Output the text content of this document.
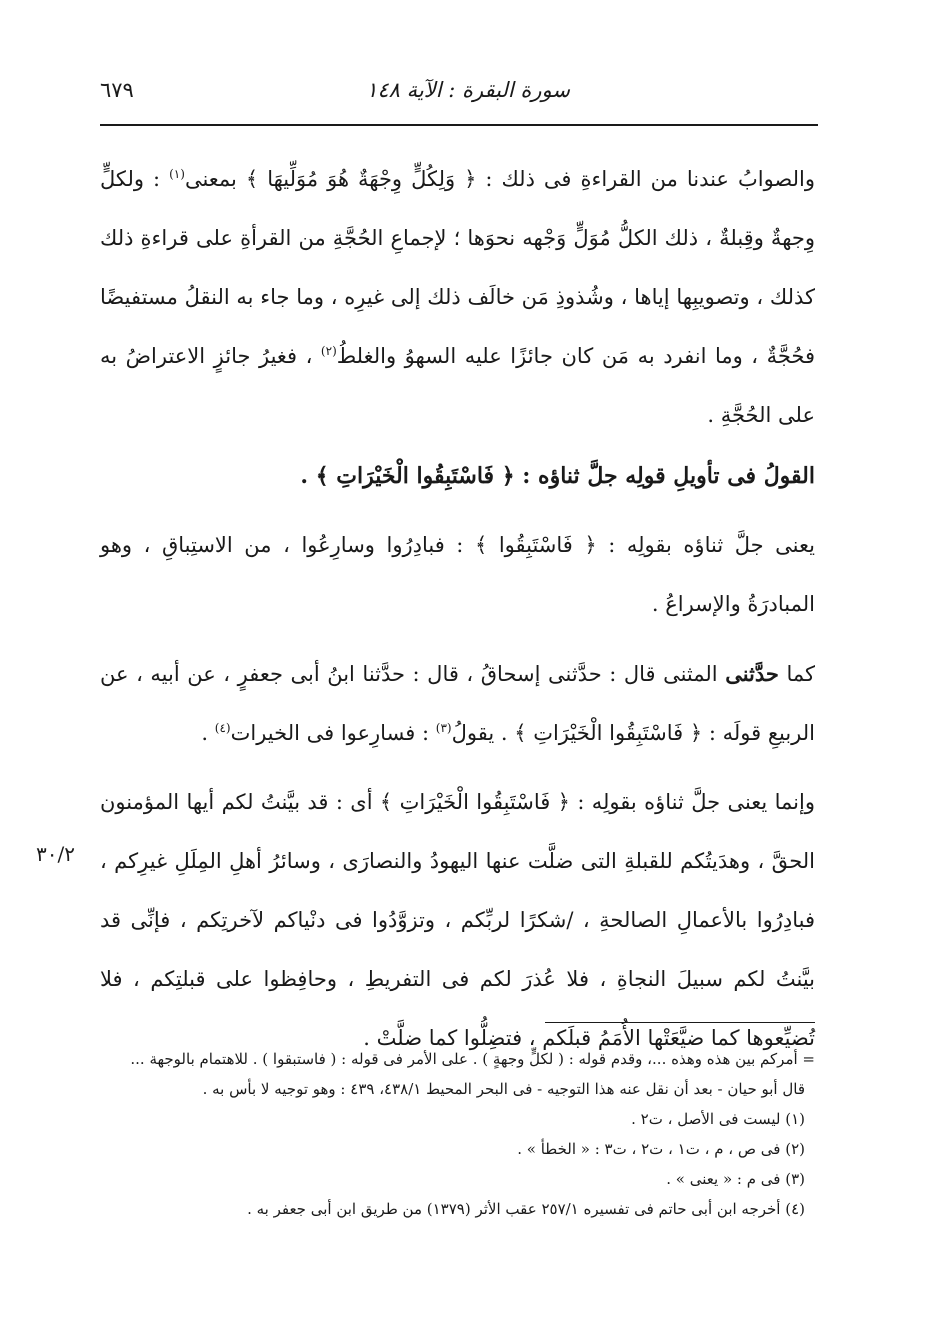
سورة البقرة : الآية ١٤٨
٦٧٩

والصوابُ عندنا من القراءةِ فى ذلك : ﴿ وَلِكُلٍّ وِجْهَةٌ هُوَ مُوَلِّيهَا ﴾ بمعنى$^{(١)}$ : ولكلٍّ وِجهةٌ وقِبلةٌ ، ذلك الكلُّ مُوَلٍّ وَجْهه نحوَها ؛ لإجماعِ الحُجَّةِ من القرأةِ على قراءةِ ذلك كذلك ، وتصويبِها إياها ، وشُذوذِ مَن خالَف ذلك إلى غيرِه ، وما جاء به النقلُ مستفيضًا فحُجَّةٌ ، وما انفرد به مَن كان جائزًا عليه السهوُ والغلطُ$^{(٢)}$ ، فغيرُ جائزٍ الاعتراضُ به على الحُجَّةِ .

القولُ فى تأويلِ قولِه جلَّ ثناؤه : ﴿ فَاسْتَبِقُوا الْخَيْرَاتِ ﴾ .

يعنى جلَّ ثناؤه بقولِه : ﴿ فَاسْتَبِقُوا ﴾ : فبادِرُوا وسارِعُوا ، من الاستِباقِ ، وهو المبادرَةُ والإسراعُ .

كما حدَّثنى المثنى قال : حدَّثنى إسحاقُ ، قال : حدَّثنا ابنُ أبى جعفرٍ ، عن أبيه ، عن الربيعِ قولَه : ﴿ فَاسْتَبِقُوا الْخَيْرَاتِ ﴾ . يقولُ$^{(٣)}$ : فسارِعوا فى الخيرات$^{(٤)}$ .

وإنما يعنى جلَّ ثناؤه بقولِه : ﴿ فَاسْتَبِقُوا الْخَيْرَاتِ ﴾ أى : قد بيَّنتُ لكم أيها المؤمنون الحقَّ ، وهدَيتُكم للقبلةِ التى ضلَّت عنها اليهودُ والنصارَى ، وسائرُ أهلِ المِلَلِ غيرِكم ، فبادِرُوا بالأعمالِ الصالحةِ ، /شكرًا لربِّكم ، وتزوَّدُوا فى دنْياكم لآخرتِكم ، فإنِّى قد بيَّنتُ لكم سبيلَ النجاةِ ، فلا عُذرَ لكم فى التفريطِ ، وحافِظوا على قبلتِكم ، فلا تُضيِّعوها كما ضيَّعَتْها الأُمَمُ قبلَكم ، فتضِلُّوا كما ضلَّتْ .

٣٠/٢

= أمركم بين هذه وهذه ...، وقدم قوله : ( لكلٍّ وجهةٍ ) . على الأمر فى قوله : ( فاستبقوا ) . للاهتمام بالوجهة ...

قال أبو حيان - بعد أن نقل عنه هذا التوجيه - فى البحر المحيط ٤٣٨/١، ٤٣٩ : وهو توجيه لا بأس به .

(١) ليست فى الأصل ، ت٢ .

(٢) فى ص ، م ، ت١ ، ت٢ ، ت٣ : « الخطأ » .

(٣) فى م : « يعنى » .

(٤) أخرجه ابن أبى حاتم فى تفسيره ٢٥٧/١ عقب الأثر (١٣٧٩) من طريق ابن أبى جعفر به .
